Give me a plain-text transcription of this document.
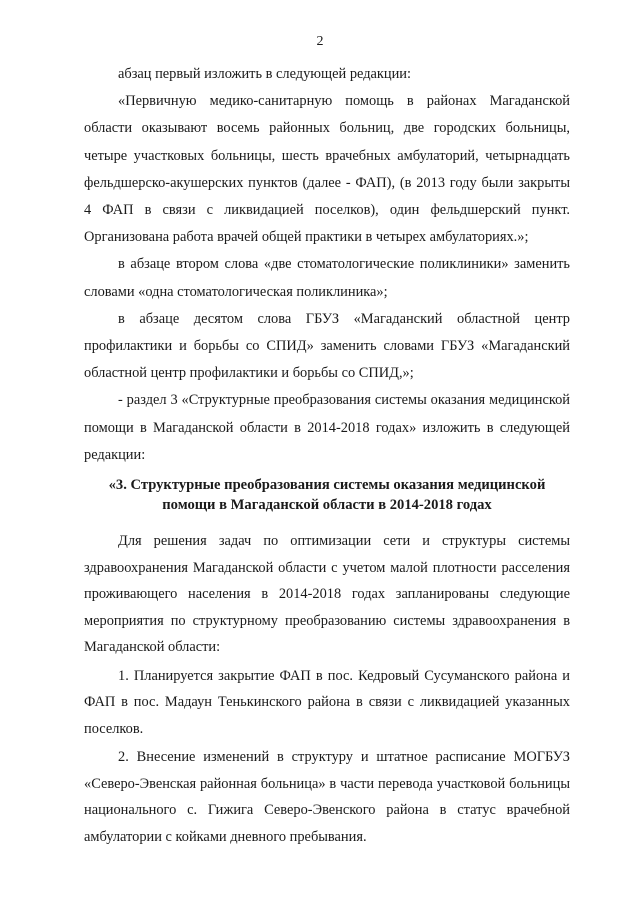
2

абзац первый изложить в следующей редакции:

«Первичную медико-санитарную помощь в районах Магаданской области оказывают восемь районных больниц, две городских больницы, четыре участковых больницы, шесть врачебных амбулаторий, четырнадцать фельдшерско-акушерских пунктов (далее - ФАП), (в 2013 году были закрыты 4 ФАП в связи с ликвидацией поселков), один фельдшерский пункт. Организована работа врачей общей практики в четырех амбулаториях.»;

в абзаце втором слова «две стоматологические поликлиники» заменить словами «одна стоматологическая поликлиника»;

в абзаце десятом слова ГБУЗ «Магаданский областной центр профилактики и борьбы со СПИД» заменить словами ГБУЗ «Магаданский областной центр профилактики и борьбы со СПИД,»;

- раздел 3 «Структурные преобразования системы оказания медицинской помощи в Магаданской области в 2014-2018 годах» изложить в следующей редакции:

«3. Структурные преобразования системы оказания медицинской помощи в Магаданской области в 2014-2018 годах

Для решения задач по оптимизации сети и структуры системы здравоохранения Магаданской области с учетом малой плотности расселения проживающего населения в 2014-2018 годах запланированы следующие мероприятия по структурному преобразованию системы здравоохранения в Магаданской области:

1. Планируется закрытие ФАП в пос. Кедровый Сусуманского района и ФАП в пос. Мадаун Тенькинского района в связи с ликвидацией указанных поселков.

2. Внесение изменений в структуру и штатное расписание МОГБУЗ «Северо-Эвенская районная больница» в части перевода участковой больницы национального с. Гижига Северо-Эвенского района в статус врачебной амбулатории с койками дневного пребывания.
